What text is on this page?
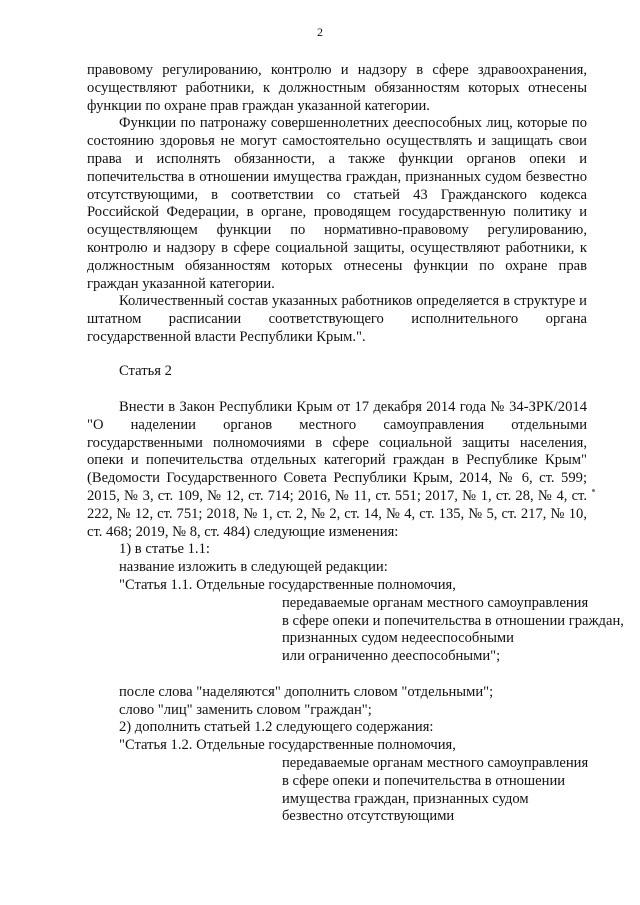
2

правовому регулированию, контролю и надзору в сфере здравоохранения, осуществляют работники, к должностным обязанностям которых отнесены функции по охране прав граждан указанной категории.

Функции по патронажу совершеннолетних дееспособных лиц, которые по состоянию здоровья не могут самостоятельно осуществлять и защищать свои права и исполнять обязанности, а также функции органов опеки и попечительства в отношении имущества граждан, признанных судом безвестно отсутствующими, в соответствии со статьей 43 Гражданского кодекса Российской Федерации, в органе, проводящем государственную политику и осуществляющем функции по нормативно-правовому регулированию, контролю и надзору в сфере социальной защиты, осуществляют работники, к должностным обязанностям которых отнесены функции по охране прав граждан указанной категории.

Количественный состав указанных работников определяется в структуре и штатном расписании соответствующего исполнительного органа государственной власти Республики Крым.".

Статья 2

Внести в Закон Республики Крым от 17 декабря 2014 года № 34-ЗРК/2014 "О наделении органов местного самоуправления отдельными государственными полномочиями в сфере социальной защиты населения, опеки и попечительства отдельных категорий граждан в Республике Крым" (Ведомости Государственного Совета Республики Крым, 2014, № 6, ст. 599; 2015, № 3, ст. 109, № 12, ст. 714; 2016, № 11, ст. 551; 2017, № 1, ст. 28, № 4, ст. 222, № 12, ст. 751; 2018, № 1, ст. 2, № 2, ст. 14, № 4, ст. 135, № 5, ст. 217, № 10, ст. 468; 2019, № 8, ст. 484) следующие изменения:

1) в статье 1.1:

название изложить в следующей редакции:

"Статья 1.1. Отдельные государственные полномочия,

передаваемые органам местного самоуправления

в сфере опеки и попечительства в отношении граждан,

признанных судом недееспособными

или ограниченно дееспособными";

после слова "наделяются" дополнить словом "отдельными";

слово "лиц" заменить словом "граждан";

2) дополнить статьей 1.2 следующего содержания:

"Статья 1.2. Отдельные государственные полномочия,

передаваемые органам местного самоуправления

в сфере опеки и попечительства в отношении

имущества граждан, признанных судом

безвестно отсутствующими
